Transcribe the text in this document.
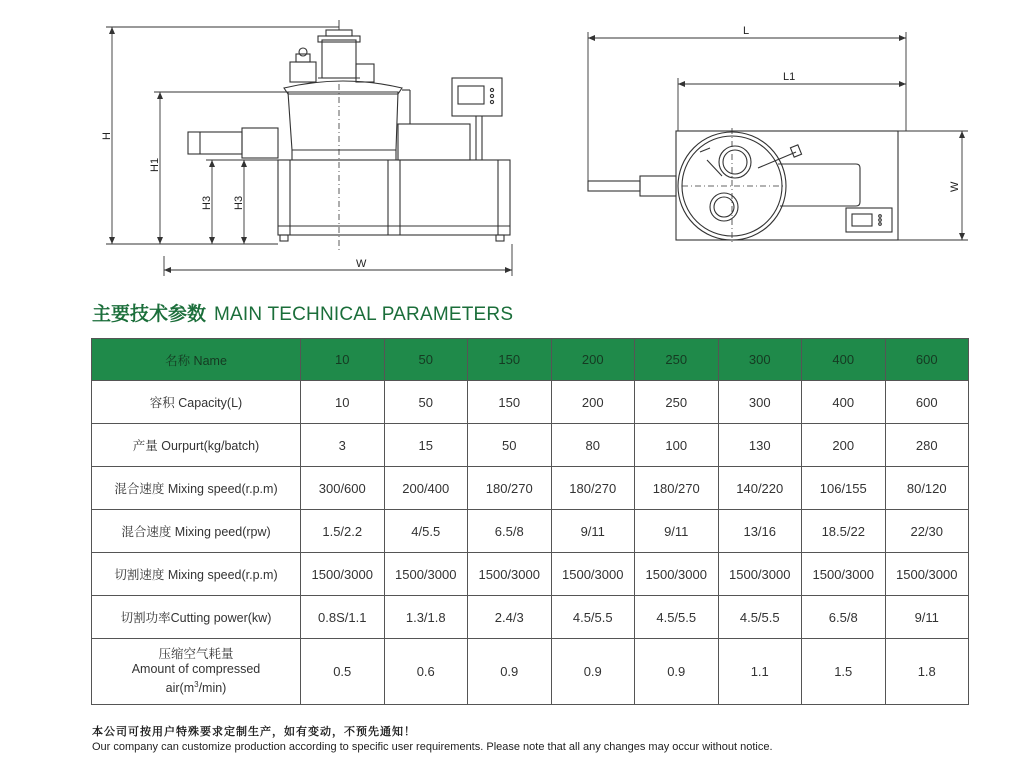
H
H1
H3 H3
W
L
L1
W
主要技术参数 MAIN TECHNICAL PARAMETERS
名称 Name	10	50	150	200	250	300	400	600
容积 Capacity(L)	10	50	150	200	250	300	400	600
产量 Ourpurt(kg/batch)	3	15	50	80	100	130	200	280
混合速度 Mixing speed(r.p.m)	300/600	200/400	180/270	180/270	180/270	140/220	106/155	80/120
混合速度 Mixing peed(rpw)	1.5/2.2	4/5.5	6.5/8	9/11	9/11	13/16	18.5/22	22/30
切割速度 Mixing speed(r.p.m)	1500/3000	1500/3000	1500/3000	1500/3000	1500/3000	1500/3000	1500/3000	1500/3000
切割功率Cutting power(kw)	0.8S/1.1	1.3/1.8	2.4/3	4.5/5.5	4.5/5.5	4.5/5.5	6.5/8	9/11

压缩空气耗量
Amount of compressed
$air(m^3/\min)$	0.5	0.6	0.9	0.9	0.9	1.1	1.5	1.8
本公司可按用户特殊要求定制生产，如有变动，不预先通知！
Our company can customize production according to specific user requirements. Please note that all any changes may occur without notice.
